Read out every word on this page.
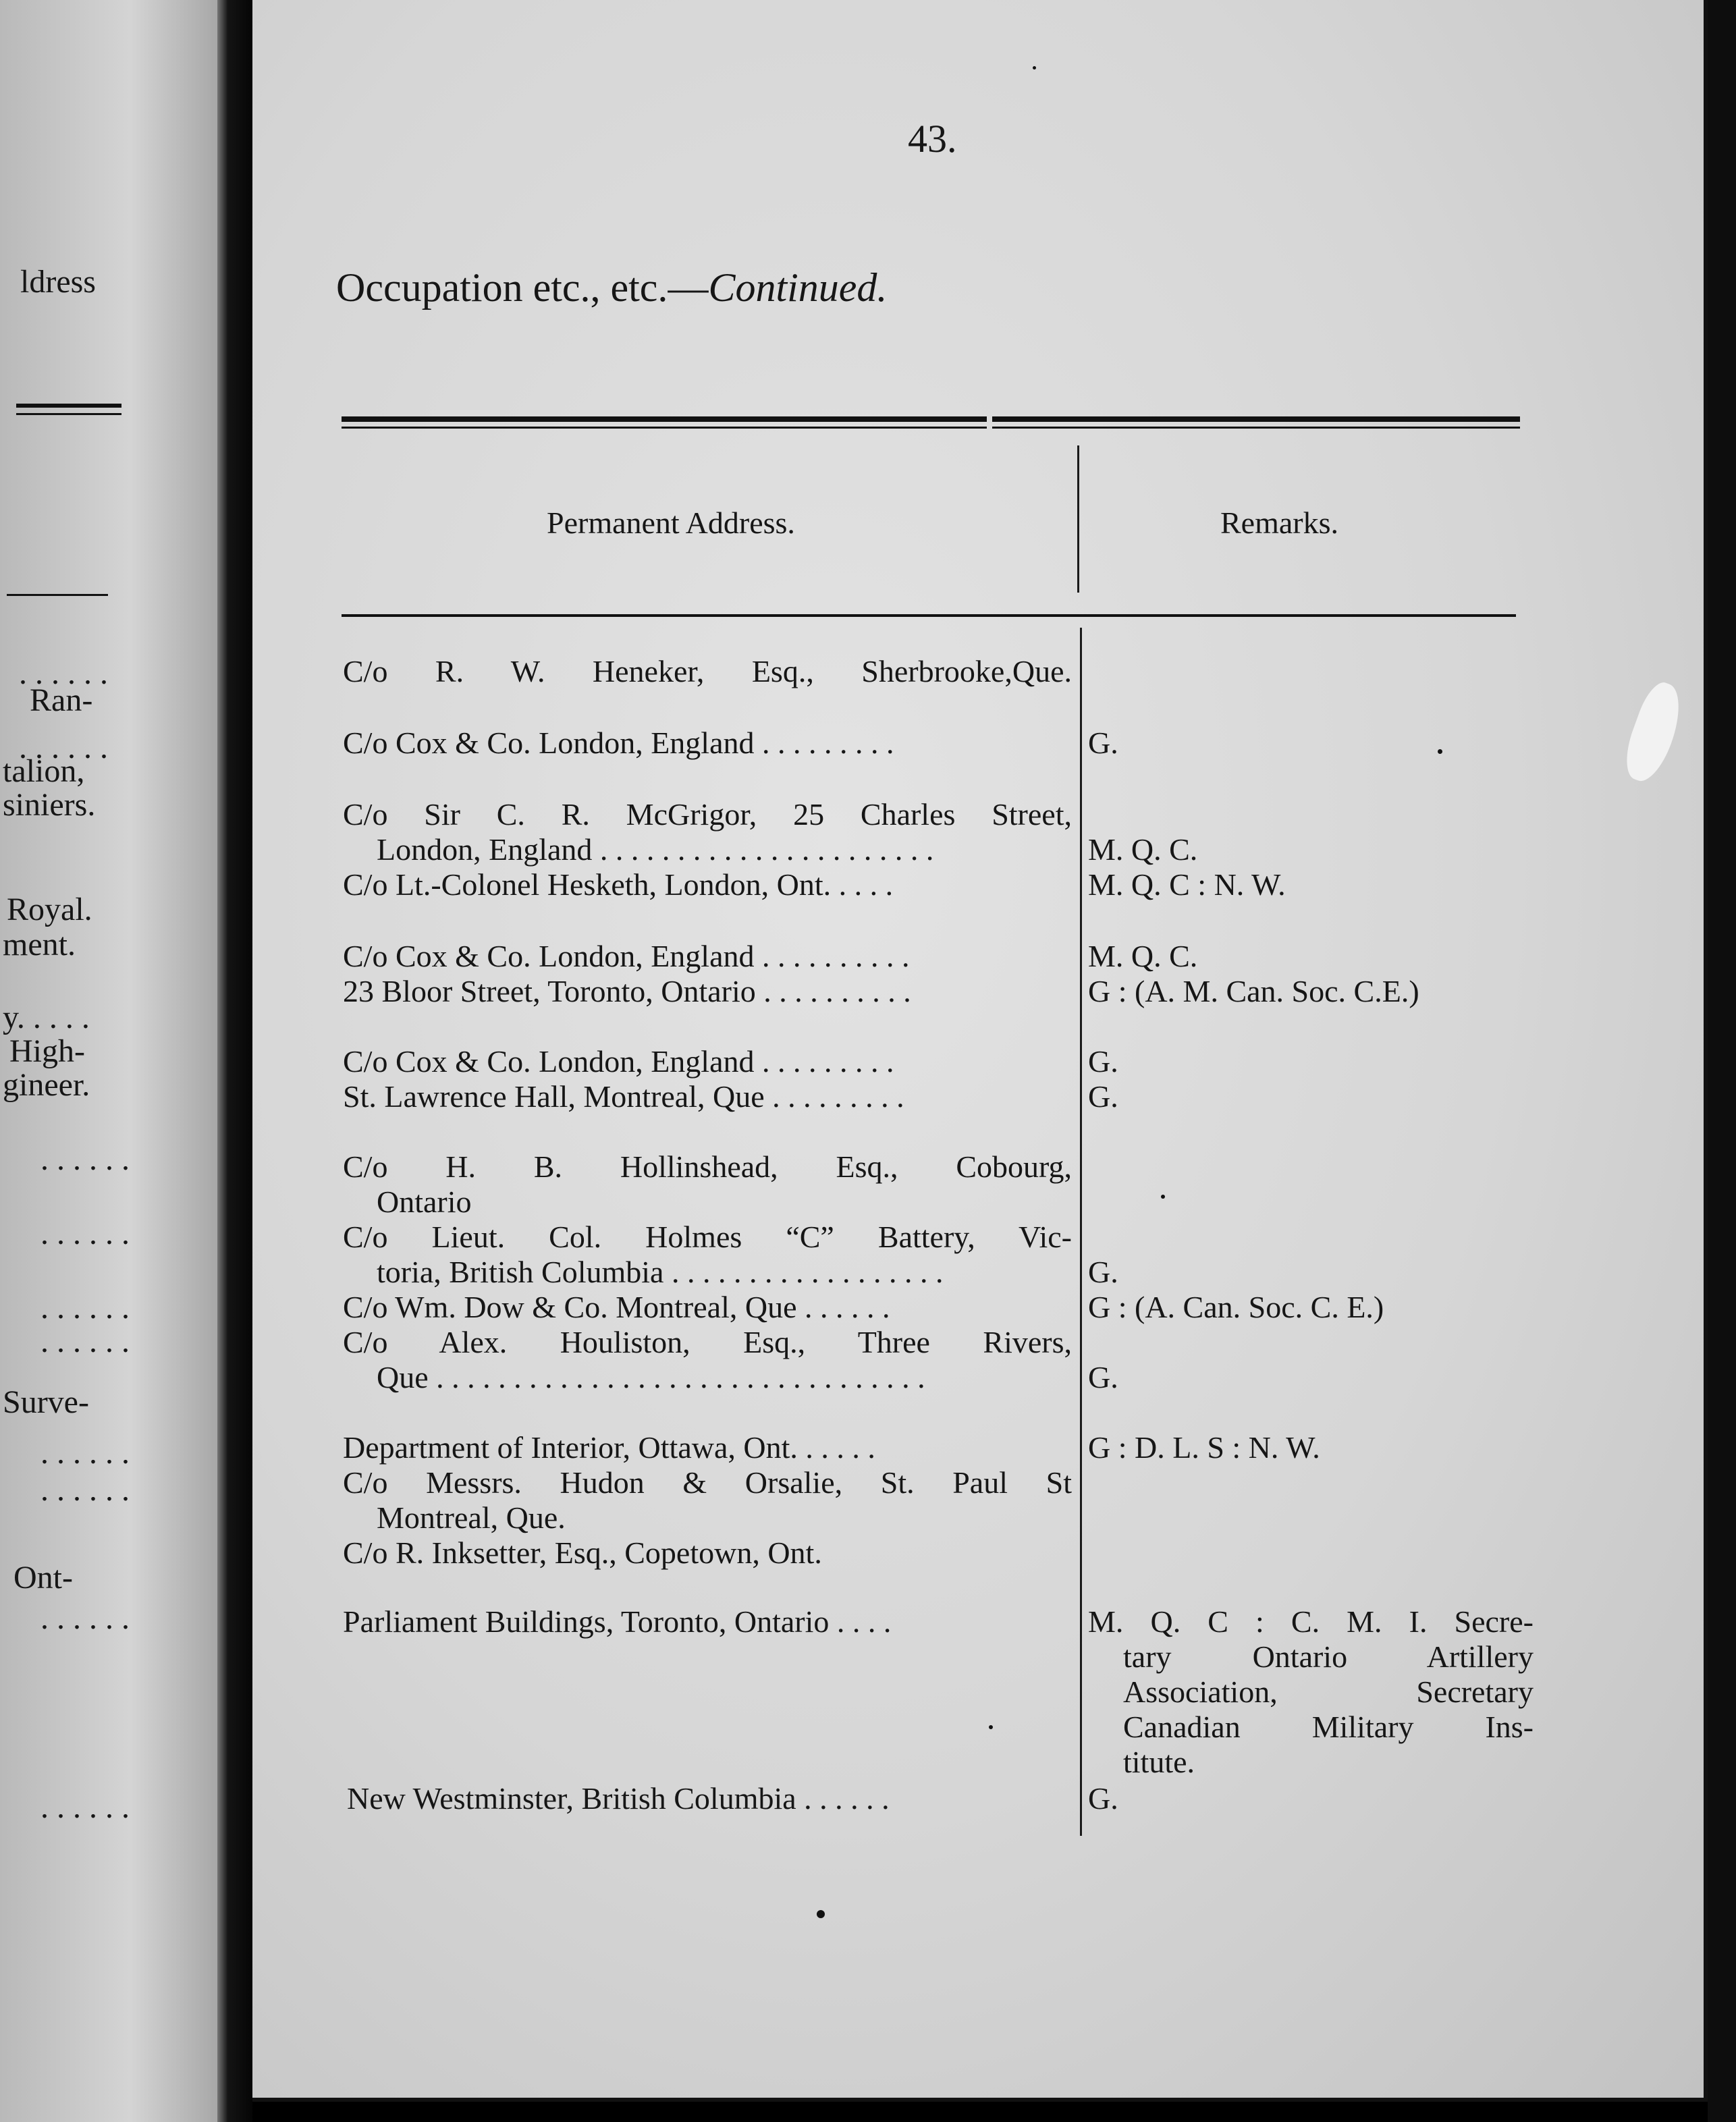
ldress
. . . . . .
Ran-
. . . . . .
talion,
siniers.
Royal.
ment.
y. . . . .
High-
gineer.
. . . . . .
. . . . . .
. . . . . .
. . . . . .
Surve-
. . . . . .
. . . . . .
Ont-
. . . . . .
. . . . . .
43.
Occupation etc., etc.—Continued.
Permanent Address.	Remarks.
C/o R. W. Heneker, Esq., Sherbrooke,Que.
C/o Cox & Co. London, England . . . . . . . . .	G.
C/o Sir C. R. McGrigor, 25 Charles Street,
London, England . . . . . . . . . . . . . . . . . . . . . .	M. Q. C.
C/o Lt.-Colonel Hesketh, London, Ont. . . . .	M. Q. C : N. W.
C/o Cox & Co. London, England . . . . . . . . . .	M. Q. C.
23 Bloor Street, Toronto, Ontario . . . . . . . . . .	G : (A. M. Can. Soc. C.E.)
C/o Cox & Co. London, England . . . . . . . . .	G.
St. Lawrence Hall, Montreal, Que . . . . . . . . .	G.
C/o H. B. Hollinshead, Esq., Cobourg,
Ontario
C/o Lieut. Col. Holmes “C” Battery, Vic-
toria, British Columbia . . . . . . . . . . . . . . . . . .	G.
C/o Wm. Dow & Co. Montreal, Que . . . . . .	G : (A. Can. Soc. C. E.)
C/o Alex. Houliston, Esq., Three Rivers,
Que . . . . . . . . . . . . . . . . . . . . . . . . . . . . . . . .	G.
Department of Interior, Ottawa, Ont. . . . . .	G : D. L. S : N. W.
C/o Messrs. Hudon & Orsalie, St. Paul St
Montreal, Que.
C/o R. Inksetter, Esq., Copetown, Ont.
Parliament Buildings, Toronto, Ontario . . . .	M. Q. C : C. M. I. Secre-
tary Ontario Artillery
Association, Secretary
Canadian Military Ins-
titute.
New Westminster, British Columbia . . . . . .	G.
